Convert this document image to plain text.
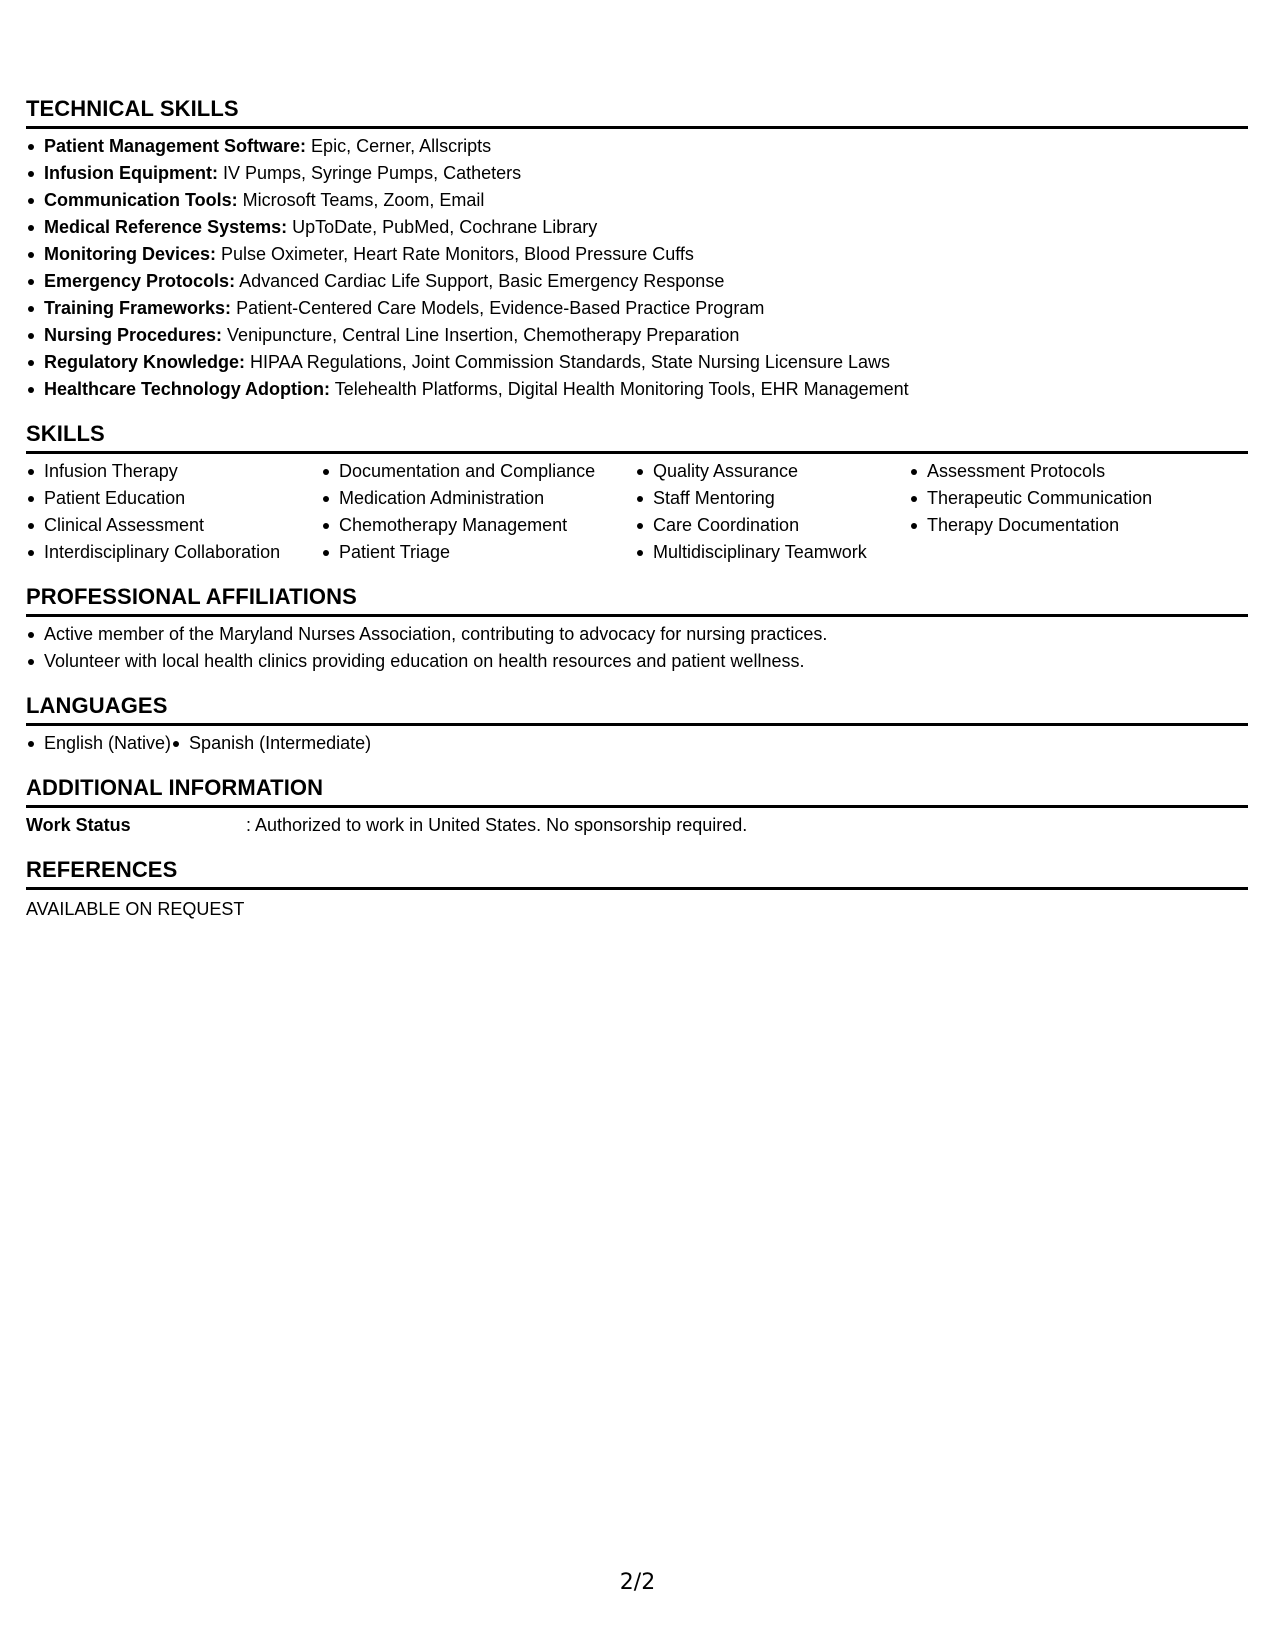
TECHNICAL SKILLS
Patient Management Software: Epic, Cerner, Allscripts
Infusion Equipment: IV Pumps, Syringe Pumps, Catheters
Communication Tools: Microsoft Teams, Zoom, Email
Medical Reference Systems: UpToDate, PubMed, Cochrane Library
Monitoring Devices: Pulse Oximeter, Heart Rate Monitors, Blood Pressure Cuffs
Emergency Protocols: Advanced Cardiac Life Support, Basic Emergency Response
Training Frameworks: Patient-Centered Care Models, Evidence-Based Practice Program
Nursing Procedures: Venipuncture, Central Line Insertion, Chemotherapy Preparation
Regulatory Knowledge: HIPAA Regulations, Joint Commission Standards, State Nursing Licensure Laws
Healthcare Technology Adoption: Telehealth Platforms, Digital Health Monitoring Tools, EHR Management
SKILLS
Infusion Therapy
Patient Education
Clinical Assessment
Interdisciplinary Collaboration
Documentation and Compliance
Medication Administration
Chemotherapy Management
Patient Triage
Quality Assurance
Staff Mentoring
Care Coordination
Multidisciplinary Teamwork
Assessment Protocols
Therapeutic Communication
Therapy Documentation
PROFESSIONAL AFFILIATIONS
Active member of the Maryland Nurses Association, contributing to advocacy for nursing practices.
Volunteer with local health clinics providing education on health resources and patient wellness.
LANGUAGES
English (Native)	Spanish (Intermediate)
ADDITIONAL INFORMATION
Work Status	: Authorized to work in United States. No sponsorship required.
REFERENCES
AVAILABLE ON REQUEST
2/2
